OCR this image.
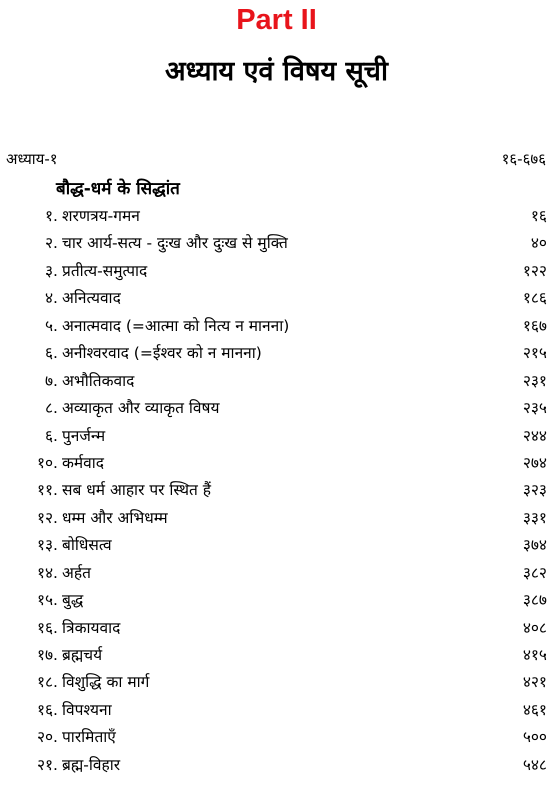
Part II
अध्याय एवं विषय सूची
अध्याय-१	१६-६७६
बौद्ध-धर्म के सिद्धांत
१. शरणत्रय-गमन	१६
२. चार आर्य-सत्य - दुःख और दुःख से मुक्ति	४०
३. प्रतीत्य-समुत्पाद	१२२
४. अनित्यवाद	१८६
५. अनात्मवाद (=आत्मा को नित्य न मानना)	१६७
६. अनीश्वरवाद (=ईश्वर को न मानना)	२१५
७. अभौतिकवाद	२३१
८. अव्याकृत और व्याकृत विषय	२३५
६. पुनर्जन्म	२४४
१०. कर्मवाद	२७४
११. सब धर्म आहार पर स्थित हैं	३२३
१२. धम्म और अभिधम्म	३३१
१३. बोधिसत्व	३७४
१४. अर्हत	३८२
१५. बुद्ध	३८७
१६. त्रिकायवाद	४०८
१७. ब्रह्मचर्य	४१५
१८. विशुद्धि का मार्ग	४२१
१६. विपश्यना	४६१
२०. पारमिताएँ	५००
२१. ब्रह्म-विहार	५४८
